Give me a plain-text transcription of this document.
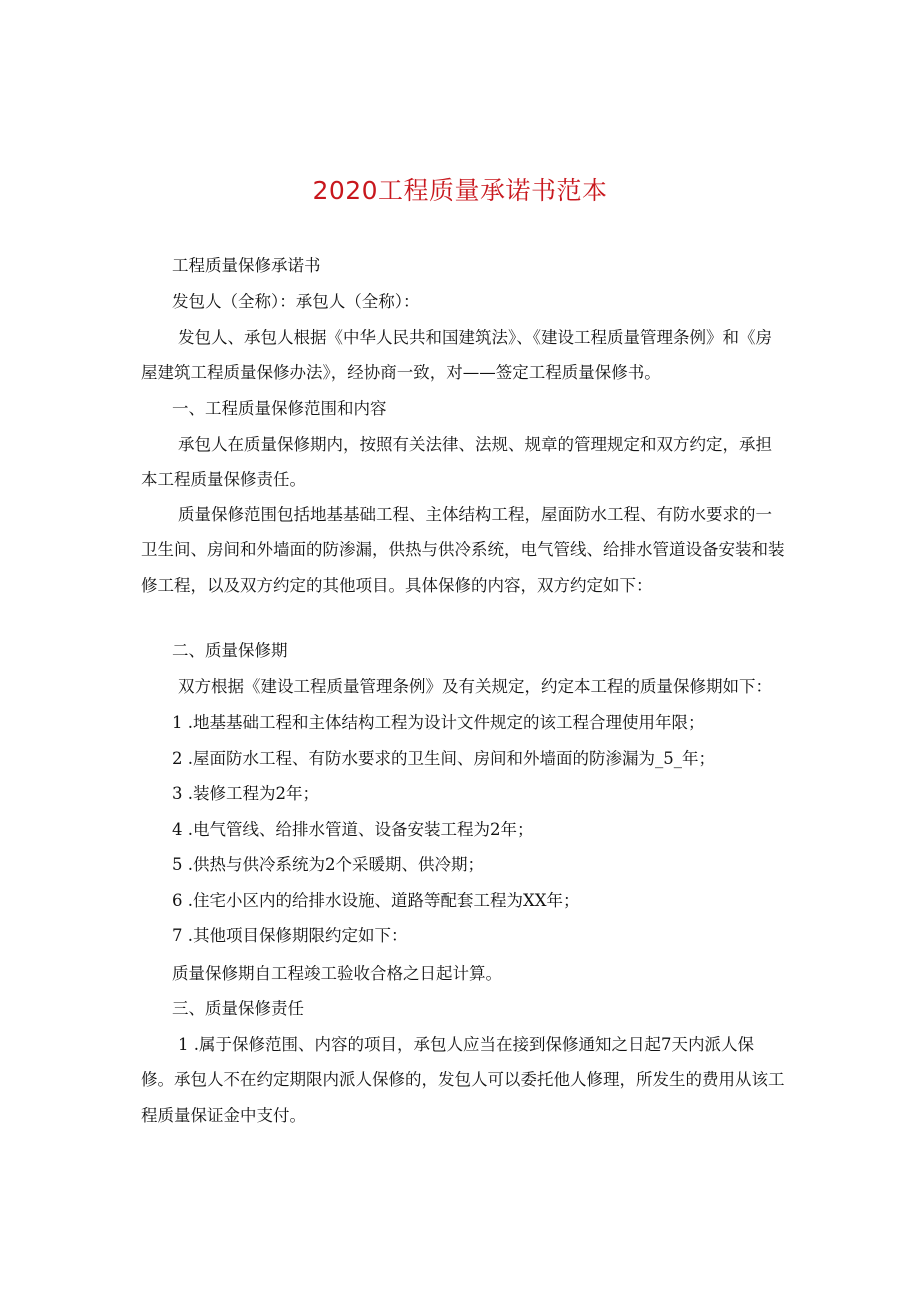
2020工程质量承诺书范本
工程质量保修承诺书
发包人（全称）：承包人（全称）：
发包人、承包人根据《中华人民共和国建筑法》、《建设工程质量管理条例》和《房
屋建筑工程质量保修办法》，经协商一致，对——签定工程质量保修书。
一、工程质量保修范围和内容
承包人在质量保修期内，按照有关法律、法规、规章的管理规定和双方约定，承担
本工程质量保修责任。
质量保修范围包括地基基础工程、主体结构工程，屋面防水工程、有防水要求的一
卫生间、房间和外墙面的防渗漏，供热与供冷系统，电气管线、给排水管道设备安装和装
修工程，以及双方约定的其他项目。具体保修的内容，双方约定如下：
二、质量保修期
双方根据《建设工程质量管理条例》及有关规定，约定本工程的质量保修期如下：
1 .地基基础工程和主体结构工程为设计文件规定的该工程合理使用年限；
2 .屋面防水工程、有防水要求的卫生间、房间和外墙面的防渗漏为_5_年；
3 .装修工程为2年；
4 .电气管线、给排水管道、设备安装工程为2年；
5 .供热与供冷系统为2个采暖期、供冷期；
6 .住宅小区内的给排水设施、道路等配套工程为XX年；
7 .其他项目保修期限约定如下：
质量保修期自工程竣工验收合格之日起计算。
三、质量保修责任
1 .属于保修范围、内容的项目，承包人应当在接到保修通知之日起7天内派人保
修。承包人不在约定期限内派人保修的，发包人可以委托他人修理，所发生的费用从该工
程质量保证金中支付。
